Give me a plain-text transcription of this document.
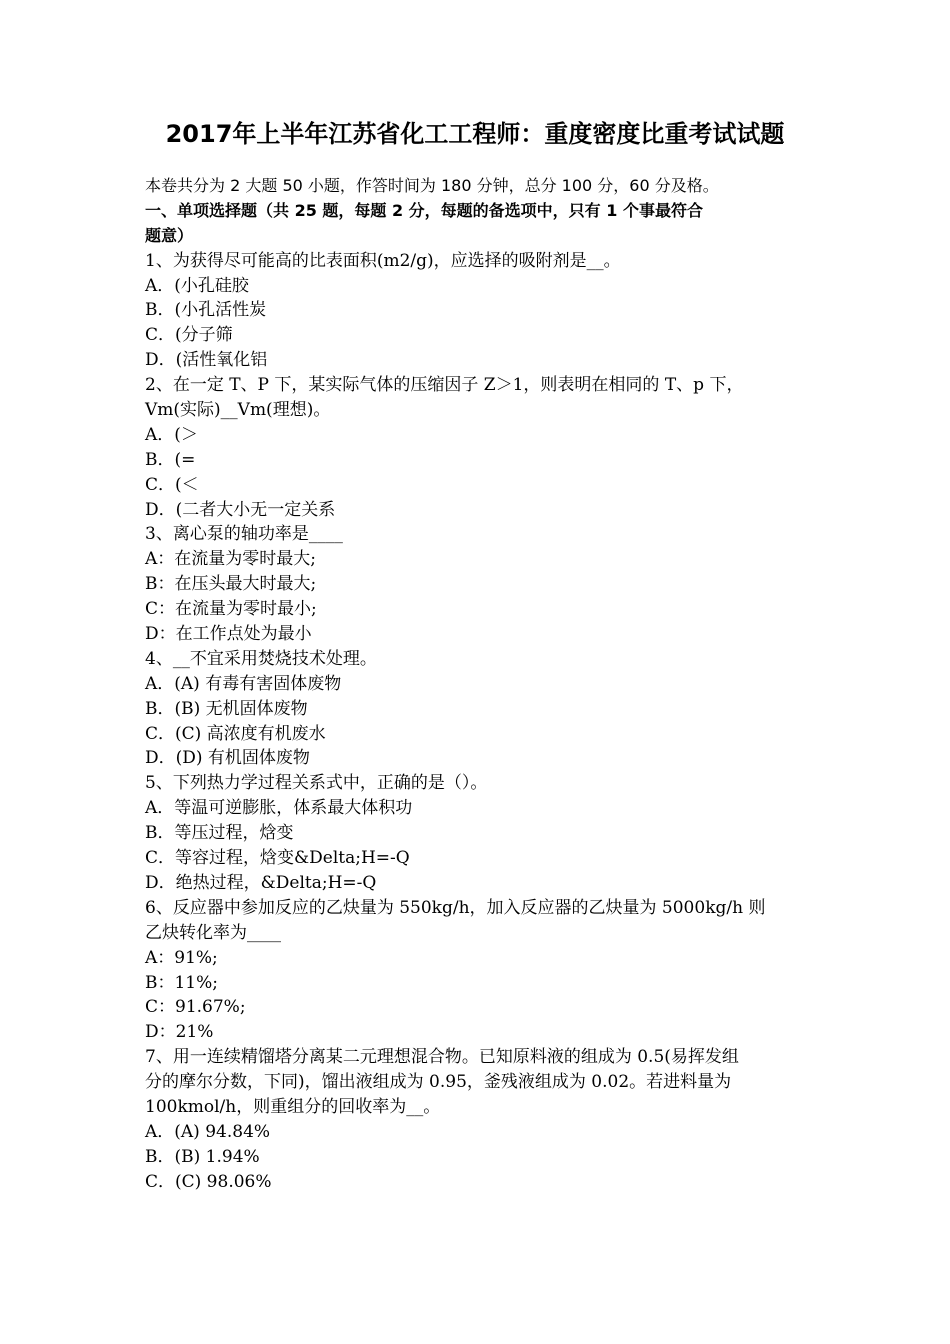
2017年上半年江苏省化工工程师：重度密度比重考试试题
本卷共分为 2 大题 50 小题，作答时间为 180 分钟，总分 100 分，60 分及格。
一、单项选择题（共 25 题，每题 2 分，每题的备选项中，只有 1 个事最符合
题意）
1、为获得尽可能高的比表面积(m2/g)，应选择的吸附剂是__。
A．(小孔硅胶
B．(小孔活性炭
C．(分子筛
D．(活性氧化铝
2、在一定 T、P 下，某实际气体的压缩因子 Z＞1，则表明在相同的 T、p 下，
Vm(实际)__Vm(理想)。
A．(＞
B．(=
C．(＜
D．(二者大小无一定关系
3、离心泵的轴功率是____
A：在流量为零时最大;
B：在压头最大时最大;
C：在流量为零时最小;
D：在工作点处为最小
4、__不宜采用焚烧技术处理。
A．(A) 有毒有害固体废物
B．(B) 无机固体废物
C．(C) 高浓度有机废水
D．(D) 有机固体废物
5、下列热力学过程关系式中，正确的是（）。
A．等温可逆膨胀，体系最大体积功
B．等压过程，焓变
C．等容过程，焓变&Delta;H=-Q
D．绝热过程，&Delta;H=-Q
6、反应器中参加反应的乙炔量为 550kg/h，加入反应器的乙炔量为 5000kg/h 则
乙炔转化率为____
A：91%;
B：11%;
C：91.67%;
D：21%
7、用一连续精馏塔分离某二元理想混合物。已知原料液的组成为 0.5(易挥发组
分的摩尔分数，下同)，馏出液组成为 0.95，釜残液组成为 0.02。若进料量为
100kmol/h，则重组分的回收率为__。
A．(A) 94.84%
B．(B) 1.94%
C．(C) 98.06%
